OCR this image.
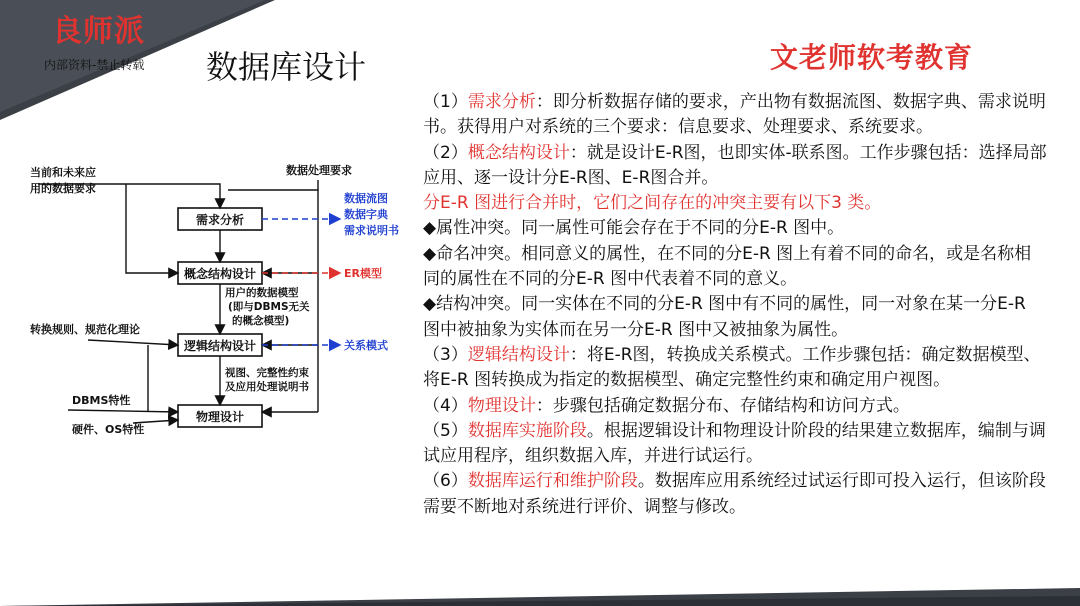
良师派
内部资料-禁止转载 数据库设计	文老师软考教育
当前和未来应
用的数据要求
数据处理要求
转换规则、规范化理论
DBMS特性
硬件、OS特性
需求分析
概念结构设计
逻辑结构设计
物理设计
用户的数据模型
(即与DBMS无关
的概念模型)
视图、完整性约束
及应用处理说明书
数据流图
数据字典
需求说明书
关系模式
ER模型

（1）需求分析：即分析数据存储的要求，产出物有数据流图、数据字典、需求说明书。获得用户对系统的三个要求：信息要求、处理要求、系统要求。

（2）概念结构设计：就是设计E-R图，也即实体-联系图。工作步骤包括：选择局部应用、逐一设计分E-R图、E-R图合并。

分E-R 图进行合并时，它们之间存在的冲突主要有以下3 类。

◆属性冲突。同一属性可能会存在于不同的分E-R 图中。

◆命名冲突。相同意义的属性，在不同的分E-R 图上有着不同的命名，或是名称相同的属性在不同的分E-R 图中代表着不同的意义。

◆结构冲突。同一实体在不同的分E-R 图中有不同的属性，同一对象在某一分E-R 图中被抽象为实体而在另一分E-R 图中又被抽象为属性。

（3）逻辑结构设计：将E-R图，转换成关系模式。工作步骤包括：确定数据模型、将E-R 图转换成为指定的数据模型、确定完整性约束和确定用户视图。

（4）物理设计：步骤包括确定数据分布、存储结构和访问方式。

（5）数据库实施阶段。根据逻辑设计和物理设计阶段的结果建立数据库，编制与调试应用程序，组织数据入库，并进行试运行。

（6）数据库运行和维护阶段。数据库应用系统经过试运行即可投入运行，但该阶段需要不断地对系统进行评价、调整与修改。
